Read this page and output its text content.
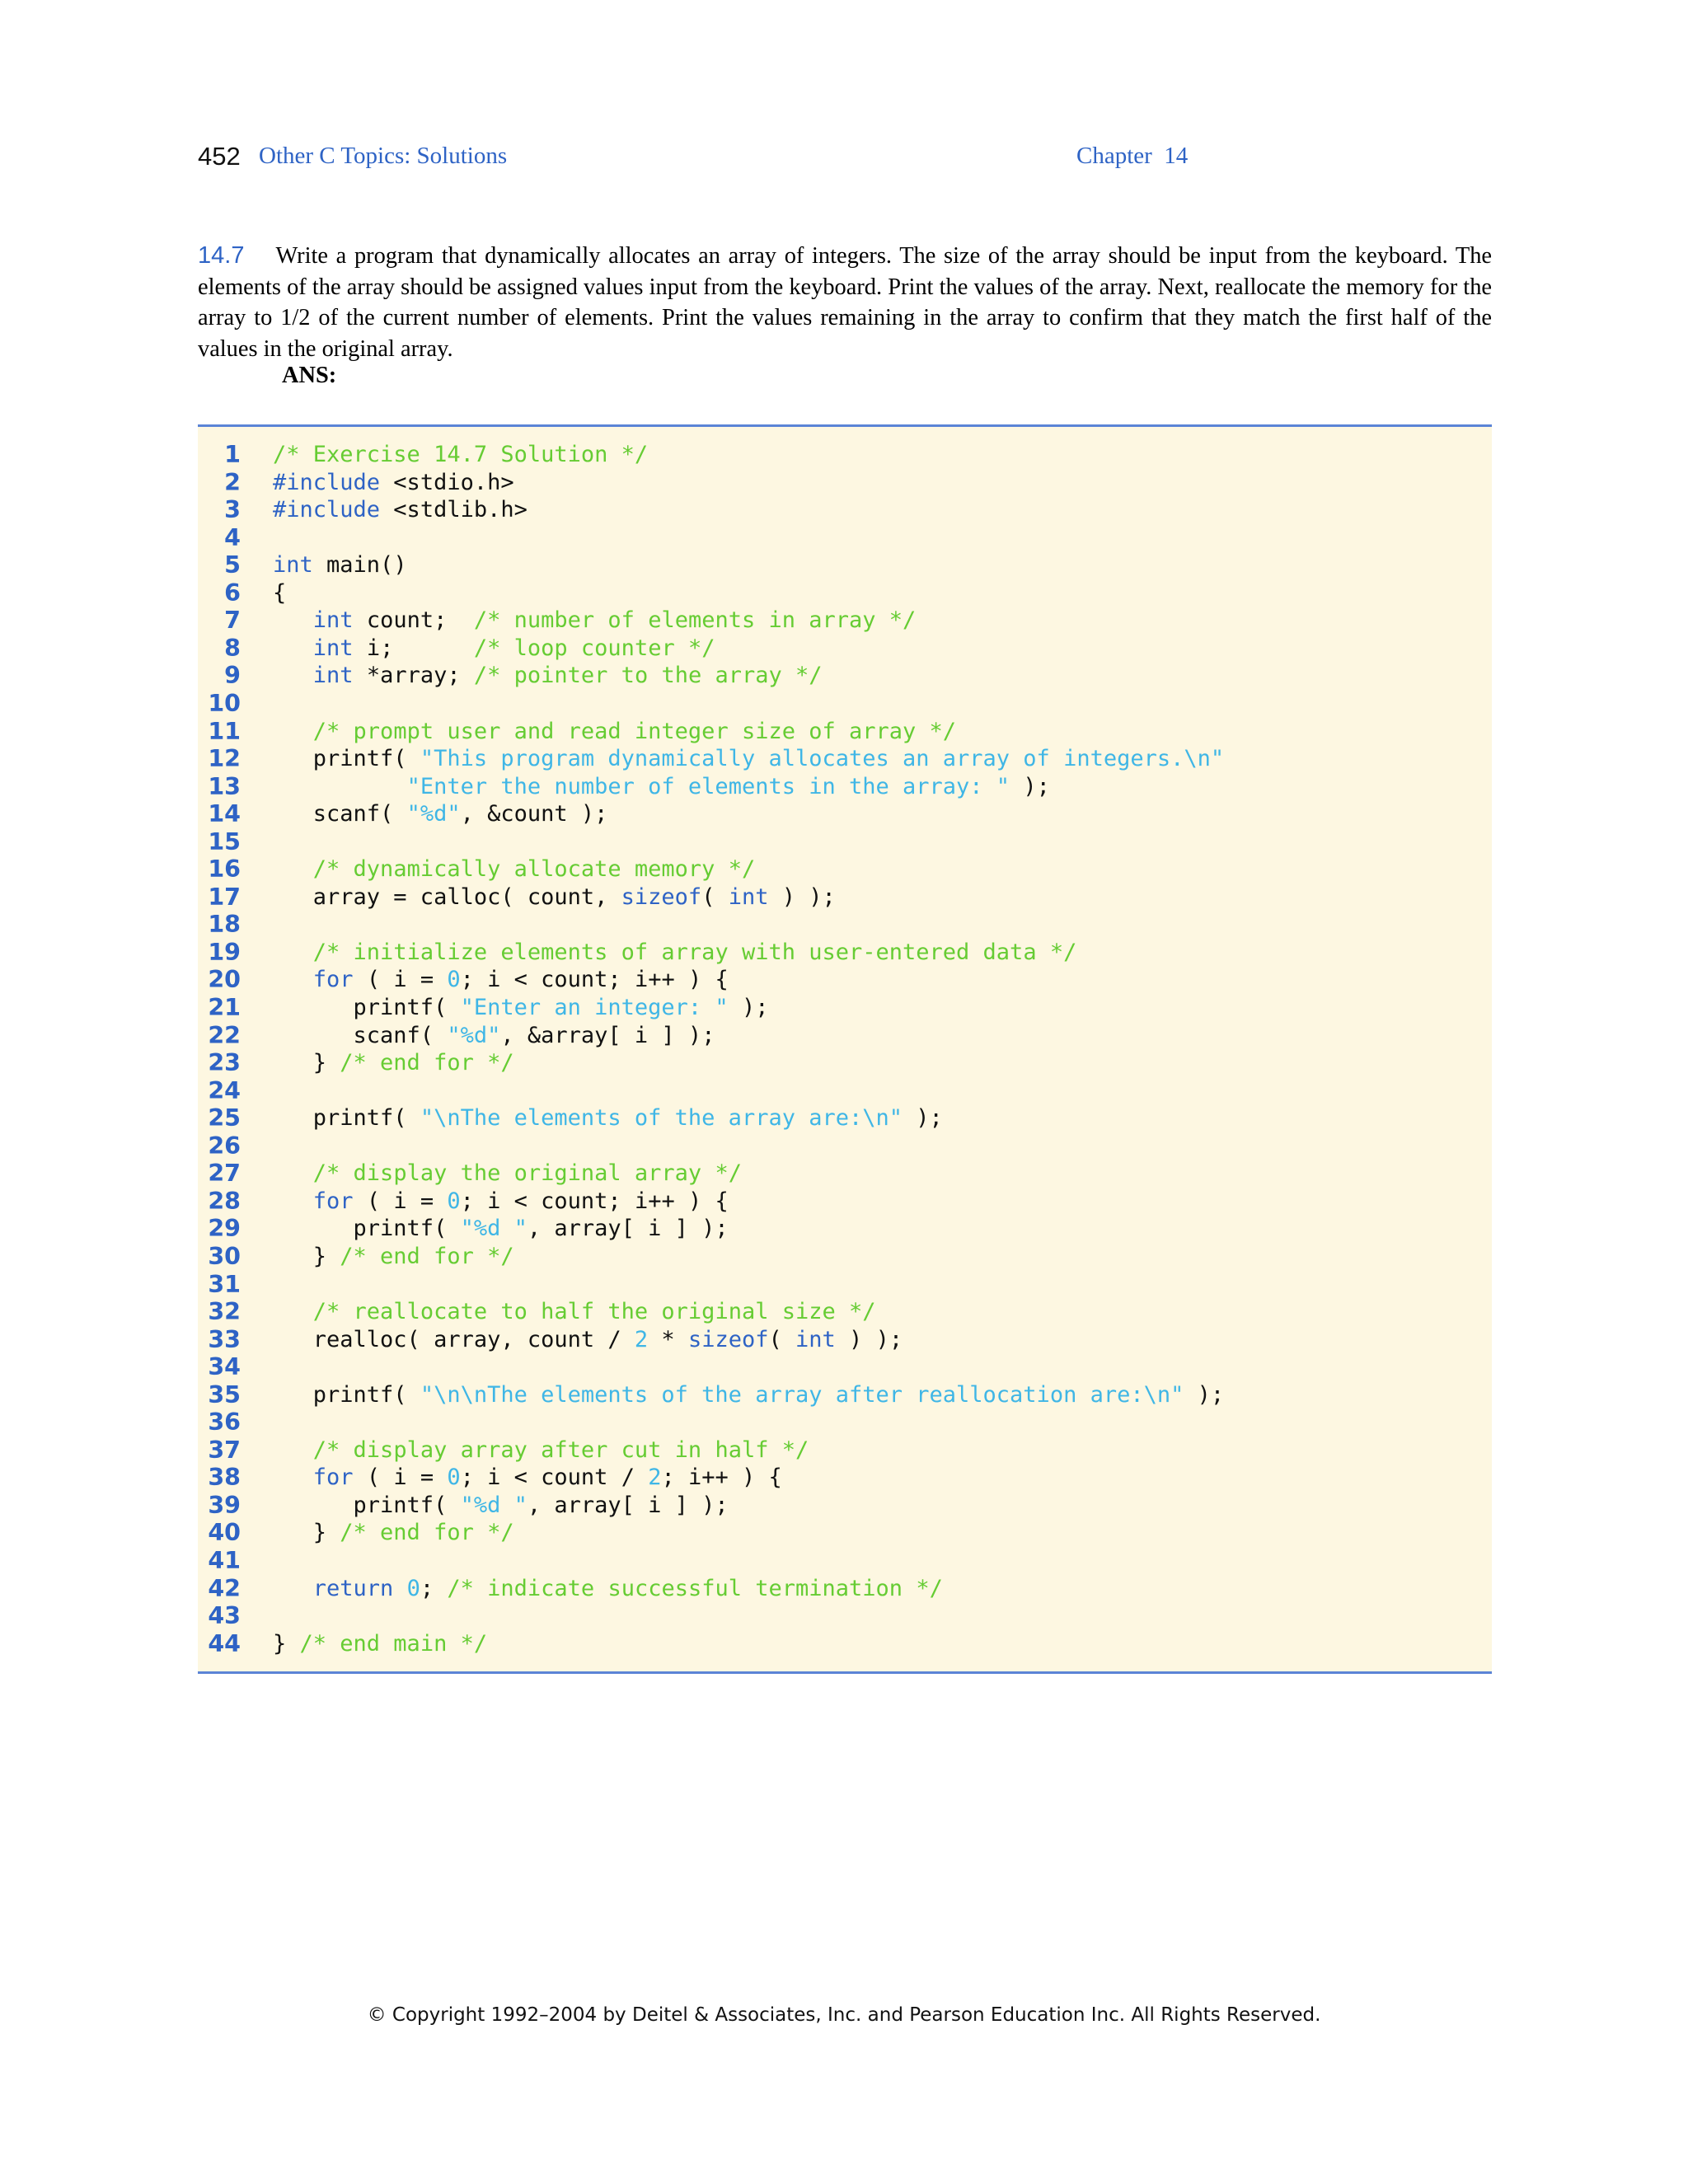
452 Other C Topics: Solutions	Chapter  14
14.7 Write a program that dynamically allocates an array of integers. The size of the array should be input from the keyboard. The elements of the array should be assigned values input from the keyboard. Print the values of the array. Next, reallocate the memory for the array to 1/2 of the current number of elements. Print the values remaining in the array to confirm that they match the first half of the values in the original array.
ANS:
1 /* Exercise 14.7 Solution */
2 #include <stdio.h>
3 #include <stdlib.h>
4
5 int main()
6 {
7	int count;  /* number of elements in array */
8	int i;      /* loop counter */
9	int *array; /* pointer to the array */
10
11	/* prompt user and read integer size of array */
12 printf( "This program dynamically allocates an array of integers.\n"
13	"Enter the number of elements in the array: " );
14 scanf( "%d", &count );
15
16	/* dynamically allocate memory */
17 array = calloc( count, sizeof( int ) );
18
19	/* initialize elements of array with user-entered data */
20	for ( i = 0; i < count; i++ ) {
21 printf( "Enter an integer: " );
22 scanf( "%d", &array[ i ] );
23 } /* end for */
24
25 printf( "\nThe elements of the array are:\n" );
26
27	/* display the original array */
28	for ( i = 0; i < count; i++ ) {
29 printf( "%d ", array[ i ] );
30 } /* end for */
31
32	/* reallocate to half the original size */
33 realloc( array, count / 2 * sizeof( int ) );
34
35 printf( "\n\nThe elements of the array after reallocation are:\n" );
36
37	/* display array after cut in half */
38	for ( i = 0; i < count / 2; i++ ) {
39 printf( "%d ", array[ i ] );
40 } /* end for */
41
42	return 0; /* indicate successful termination */
43
44 } /* end main */
© Copyright 1992–2004 by Deitel & Associates, Inc. and Pearson Education Inc. All Rights Reserved.
